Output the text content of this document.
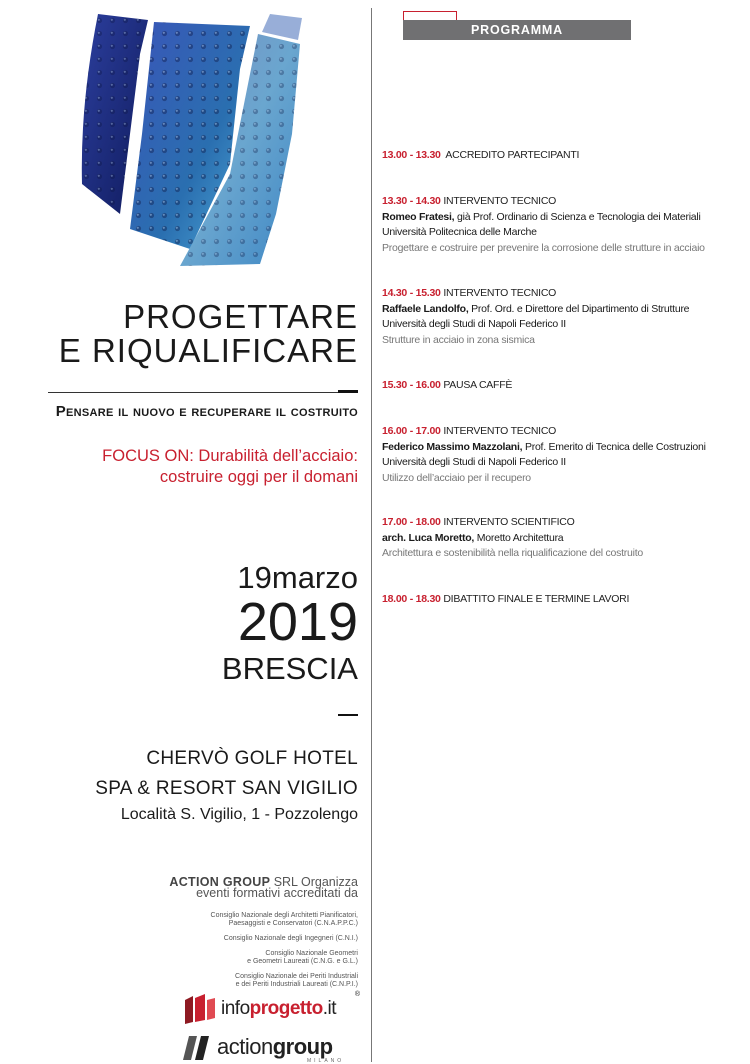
PROGETTARE
E RIQUALIFICARE
Pensare il nuovo e recuperare il costruito
FOCUS ON: Durabilità dell’acciaio:
costruire oggi per il domani
19marzo
2019
BRESCIA
CHERVÒ GOLF HOTEL
SPA & RESORT SAN VIGILIO
Località S. Vigilio, 1 - Pozzolengo
ACTION GROUP SRL Organizza
eventi formativi accreditati da
Consiglio Nazionale degli Architetti Pianificatori,
Paesaggisti e Conservatori (C.N.A.P.P.C.)
Consiglio Nazionale degli Ingegneri (C.N.I.)
Consiglio Nazionale Geometri
e Geometri Laureati (C.N.G. e G.L.)
Consiglio Nazionale dei Periti Industriali
e dei Periti Industriali Laureati (C.N.P.I.)
infoprogetto.it
®
actiongroup
MILANO
PROGRAMMA
13.00 - 13.30 ACCREDITO PARTECIPANTI
13.30 - 14.30 INTERVENTO TECNICO
Romeo Fratesi, già Prof. Ordinario di Scienza e Tecnologia dei Materiali
Università Politecnica delle Marche
Progettare e costruire per prevenire la corrosione delle strutture in acciaio
14.30 - 15.30 INTERVENTO TECNICO
Raffaele Landolfo, Prof. Ord. e Direttore del Dipartimento di Strutture
Università degli Studi di Napoli Federico II
Strutture in acciaio in zona sismica
15.30 - 16.00 PAUSA CAFFÈ
16.00 - 17.00 INTERVENTO TECNICO
Federico Massimo Mazzolani, Prof. Emerito di Tecnica delle Costruzioni
Università degli Studi di Napoli Federico II
Utilizzo dell’acciaio per il recupero
17.00 - 18.00 INTERVENTO SCIENTIFICO
arch. Luca Moretto, Moretto Architettura
Architettura e sostenibilità nella riqualificazione del costruito
18.00 - 18.30 DIBATTITO FINALE E TERMINE LAVORI
